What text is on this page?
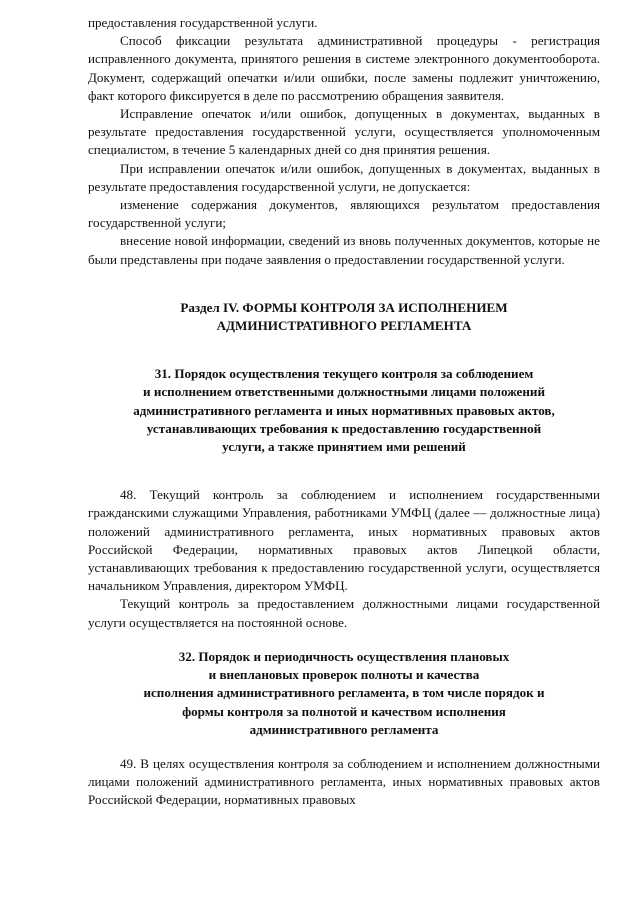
предоставления государственной услуги.

Способ фиксации результата административной процедуры - регистрация исправленного документа, принятого решения в системе электронного документооборота. Документ, содержащий опечатки и/или ошибки, после замены подлежит уничтожению, факт которого фиксируется в деле по рассмотрению обращения заявителя.

Исправление опечаток и/или ошибок, допущенных в документах, выданных в результате предоставления государственной услуги, осуществляется уполномоченным специалистом, в течение 5 календарных дней со дня принятия решения.

При исправлении опечаток и/или ошибок, допущенных в документах, выданных в результате предоставления государственной услуги, не допускается:

изменение содержания документов, являющихся результатом предоставления государственной услуги;

внесение новой информации, сведений из вновь полученных документов, которые не были представлены при подаче заявления о предоставлении государственной услуги.

Раздел IV. ФОРМЫ КОНТРОЛЯ ЗА ИСПОЛНЕНИЕМ

АДМИНИСТРАТИВНОГО РЕГЛАМЕНТА

31. Порядок осуществления текущего контроля за соблюдением

и исполнением ответственными должностными лицами положений

административного регламента и иных нормативных правовых актов,

устанавливающих требования к предоставлению государственной

услуги, а также принятием ими решений

48. Текущий контроль за соблюдением и исполнением государственными гражданскими служащими Управления, работниками УМФЦ (далее — должностные лица) положений административного регламента, иных нормативных правовых актов Российской Федерации, нормативных правовых актов Липецкой области, устанавливающих требования к предоставлению государственной услуги, осуществляется начальником Управления, директором УМФЦ.

Текущий контроль за предоставлением должностными лицами государственной услуги осуществляется на постоянной основе.

32. Порядок и периодичность осуществления плановых

и внеплановых проверок полноты и качества

исполнения административного регламента, в том числе порядок и

формы контроля за полнотой и качеством исполнения

административного регламента

49. В целях осуществления контроля за соблюдением и исполнением должностными лицами положений административного регламента, иных нормативных правовых актов Российской Федерации, нормативных правовых
